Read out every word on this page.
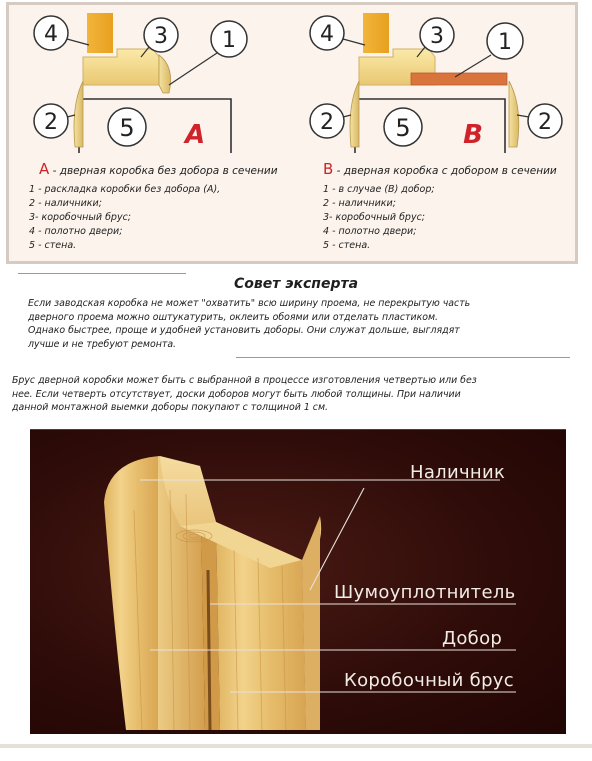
4	3 1
2	5 A
4	3 1
2	5	2
B
A - дверная коробка без добора в сечении	B - дверная коробка с добором в сечении
1 - раскладка коробки без добора (А),
2 - наличники;
3- коробочный брус;
4 - полотно двери;
5 - стена.
1 - в случае (В) добор;
2 - наличники;
3- коробочный брус;
4 - полотно двери;
5 - стена.
Совет эксперта
Если заводская коробка не может "охватить" всю ширину проема, не перекрытую часть
дверного проема можно оштукатурить, оклеить обоями или отделать пластиком.
Однако быстрее, проще и удобней установить доборы. Они служат дольше, выглядят
лучше и не требуют ремонта.
Брус дверной коробки может быть с выбранной в процессе изготовления четвертью или без
нее. Если четверть отсутствует, доски доборов могут быть любой толщины. При наличии
данной монтажной выемки доборы покупают с толщиной 1 см.
Наличник
Шумоуплотнитель
Добор
Коробочный брус
